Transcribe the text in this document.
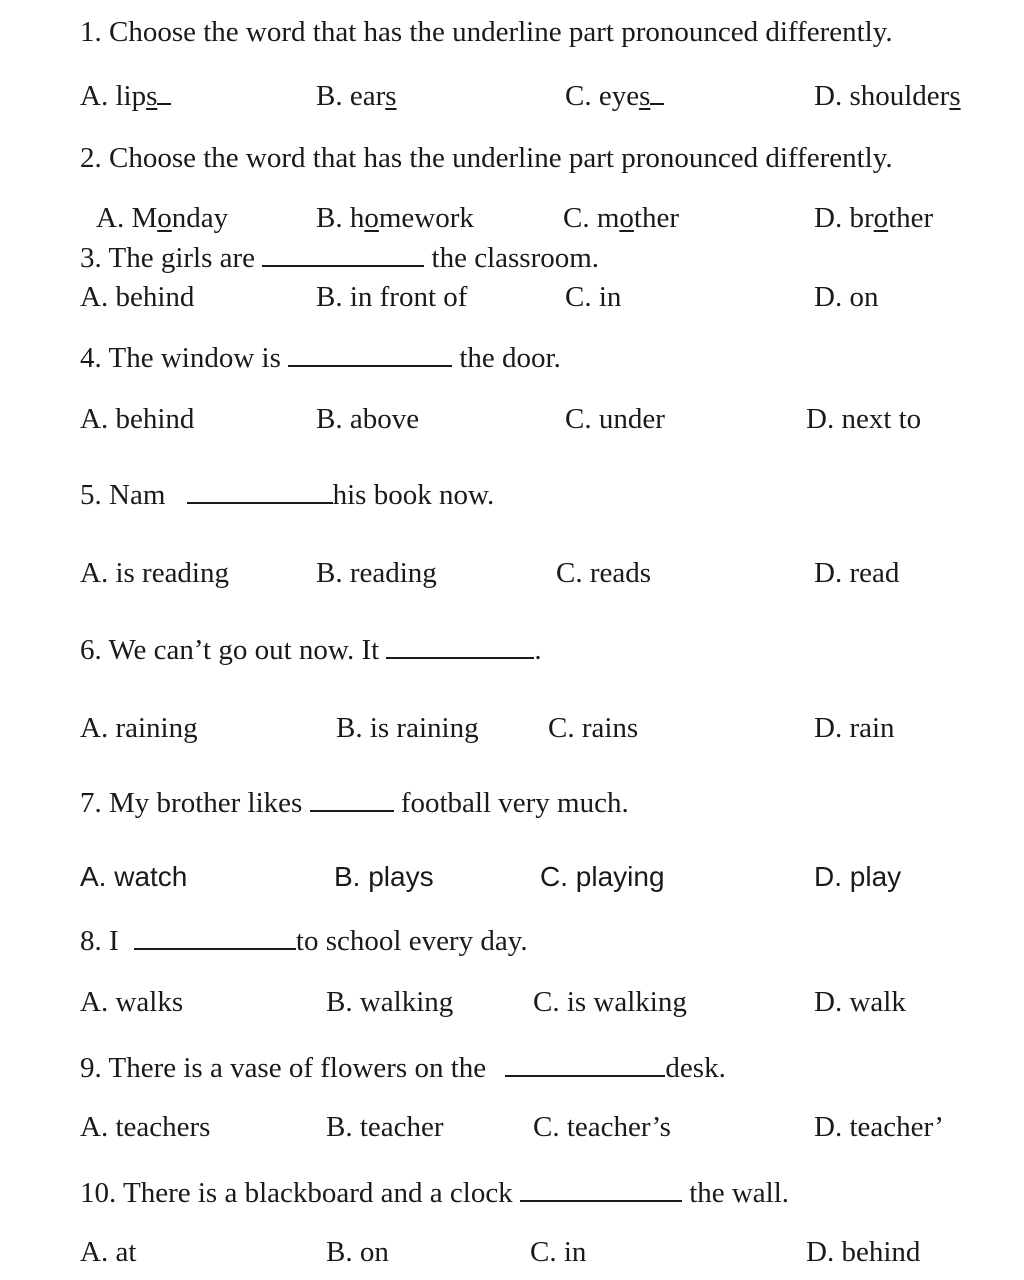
1. Choose the word that has the underline part pronounced differently.
A. lips	B. ears	C. eyes	D. shoulders
2. Choose the word that has the underline part pronounced differently.
A. Monday	B. homework	C. mother	D. brother
3. The girls are	the classroom.
A. behind	B. in front of	C. in	D. on
4. The window is	the door.
A. behind	B. above	C. under	D. next to
5. Nam	his book now.
A. is reading	B. reading	C. reads	D. read
6. We can’t go out now. It	.
A. raining	B. is raining C. rains	D. rain
7. My brother likes	football very much.
A. watch	B. plays	C. playing	D. play
8. I	to school every day.
A. walks	B. walking	C. is walking	D. walk
9. There is a vase of flowers on the	desk.
A. teachers	B. teacher	C. teacher’s	D. teacher’
10. There is a blackboard and a clock	the wall.
A. at	B. on	C. in	D. behind
